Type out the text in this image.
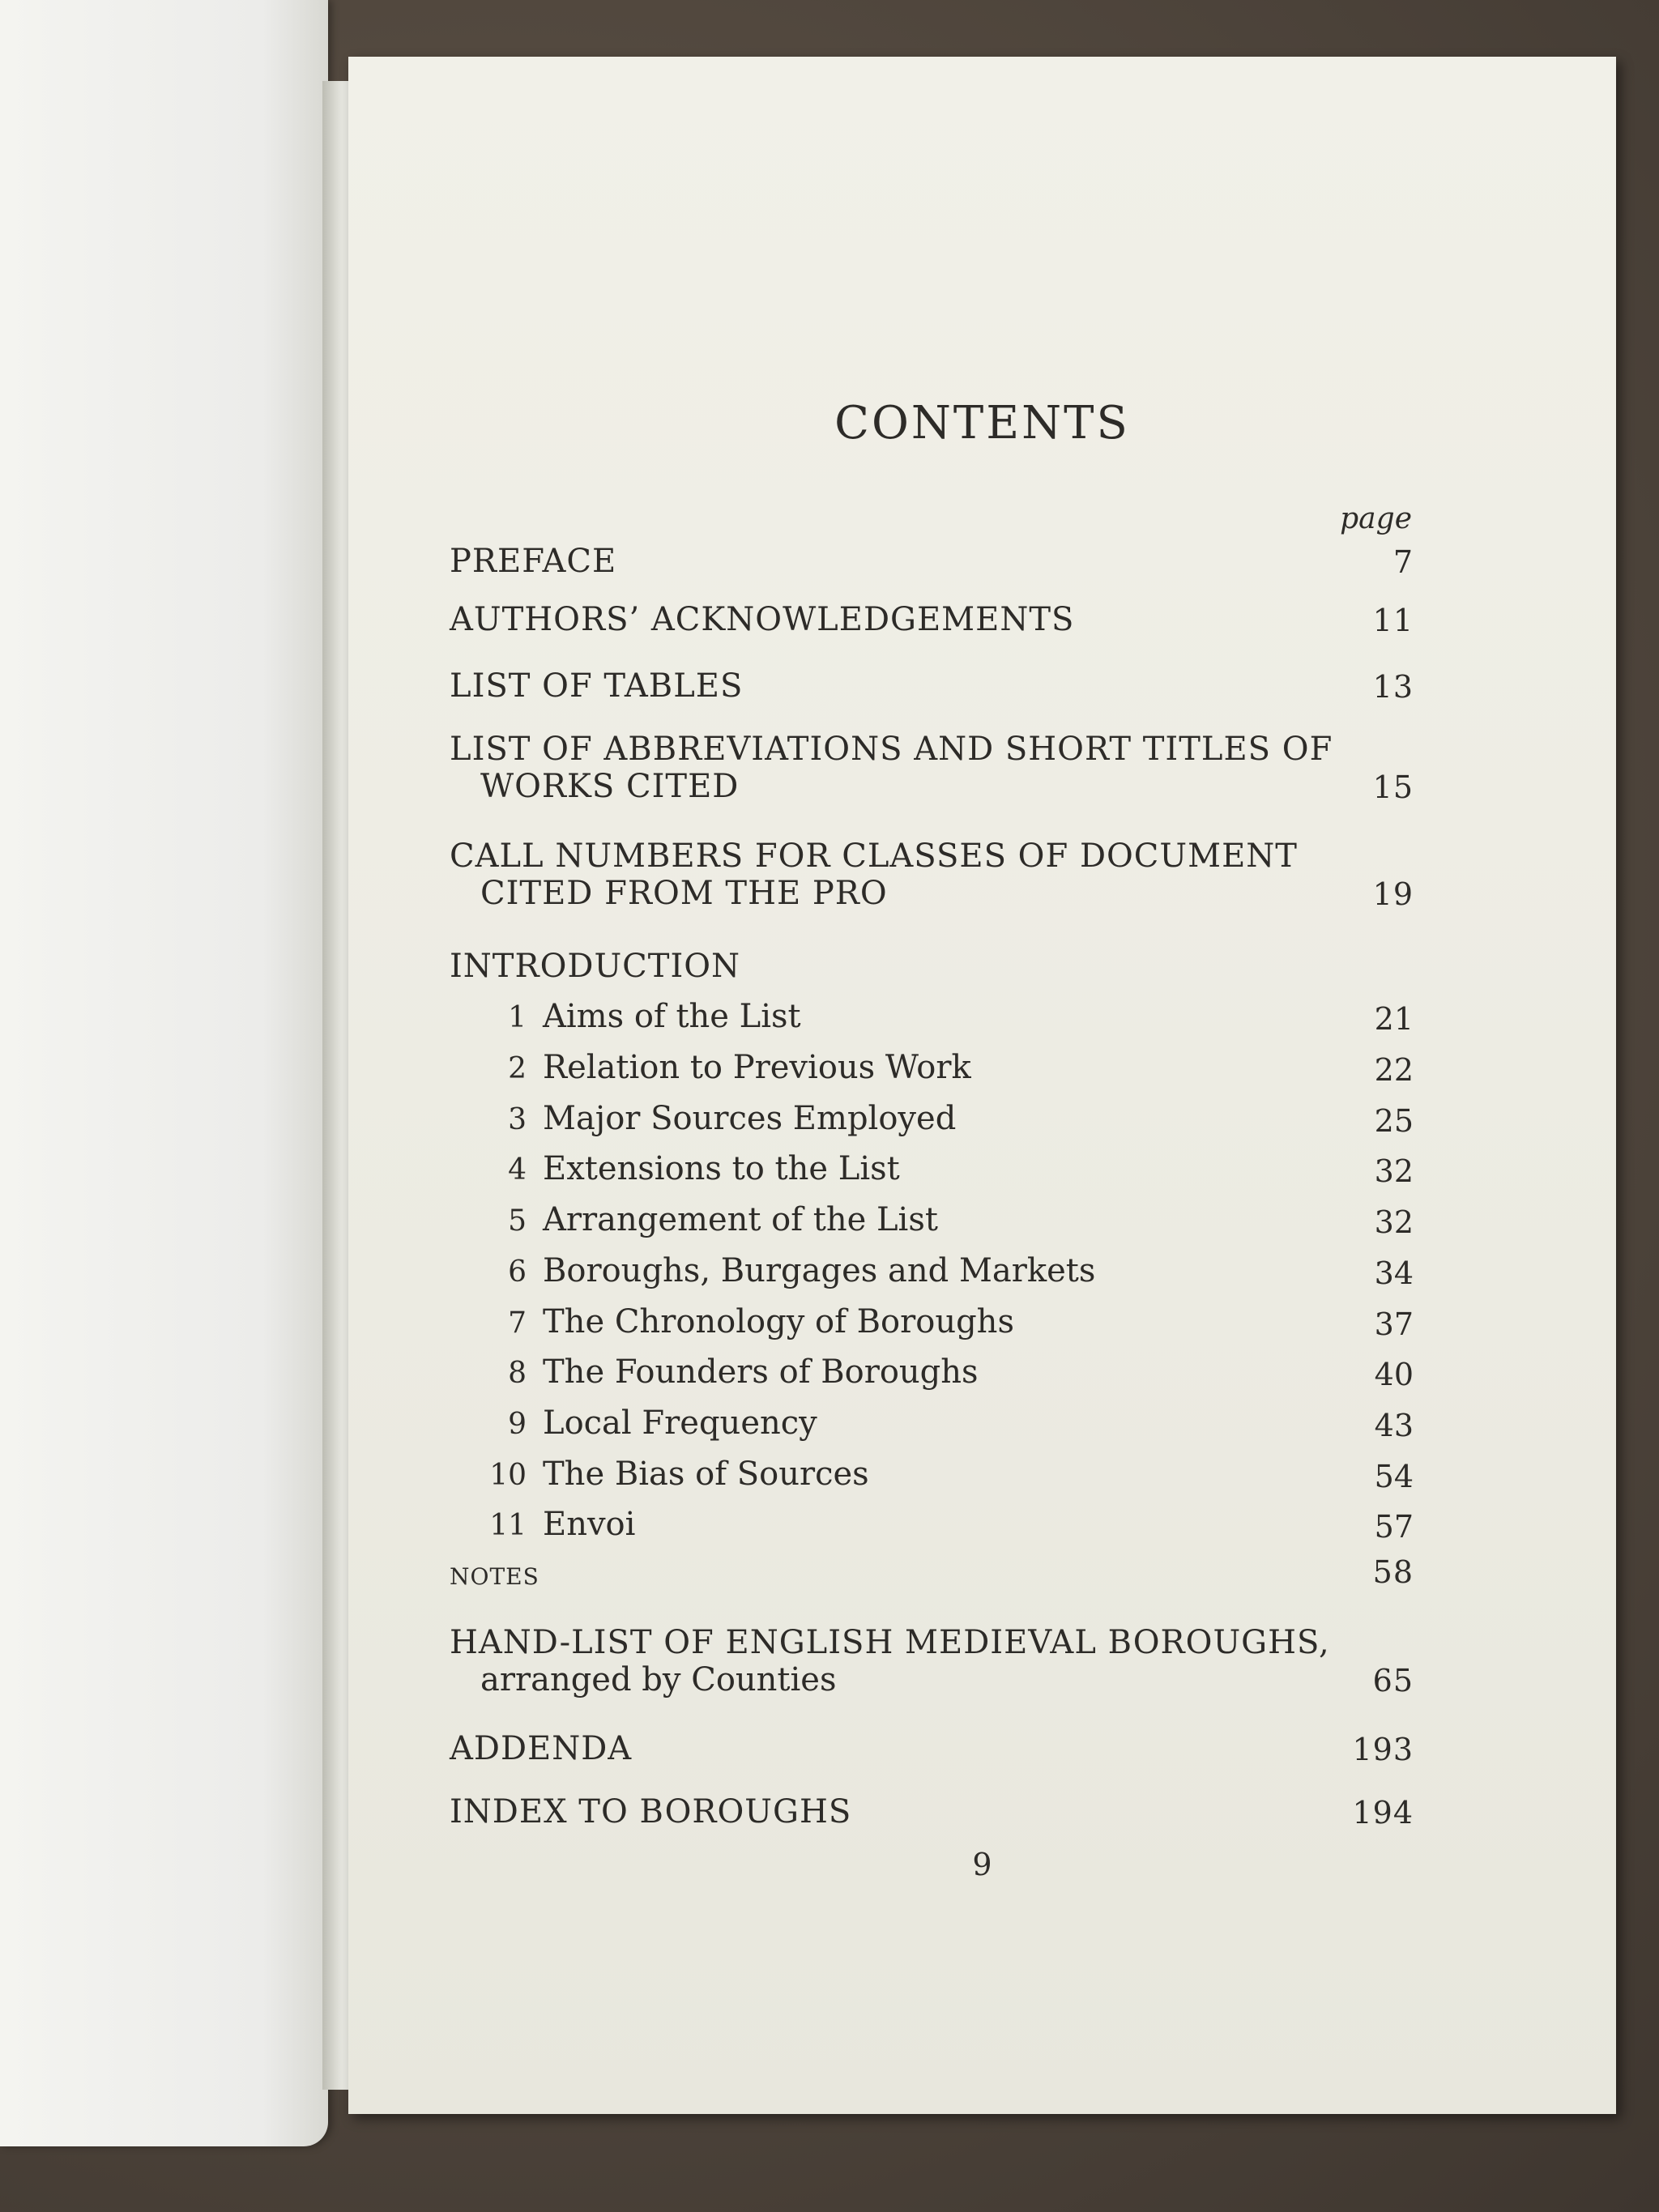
CONTENTS
page
PREFACE	7
AUTHORS’ ACKNOWLEDGEMENTS	11
LIST OF TABLES	13
LIST OF ABBREVIATIONS AND SHORT TITLES OF
WORKS CITED	15
CALL NUMBERS FOR CLASSES OF DOCUMENT
CITED FROM THE PRO	19
INTRODUCTION
1 Aims of the List	21
2 Relation to Previous Work	22
3 Major Sources Employed	25
4 Extensions to the List	32
5 Arrangement of the List	32
6 Boroughs, Burgages and Markets	34
7 The Chronology of Boroughs	37
8 The Founders of Boroughs	40
9 Local Frequency	43
10 The Bias of Sources	54
11 Envoi	57
NOTES	58
HAND-LIST OF ENGLISH MEDIEVAL BOROUGHS,
arranged by Counties	65
ADDENDA	193
INDEX TO BOROUGHS	194
9
